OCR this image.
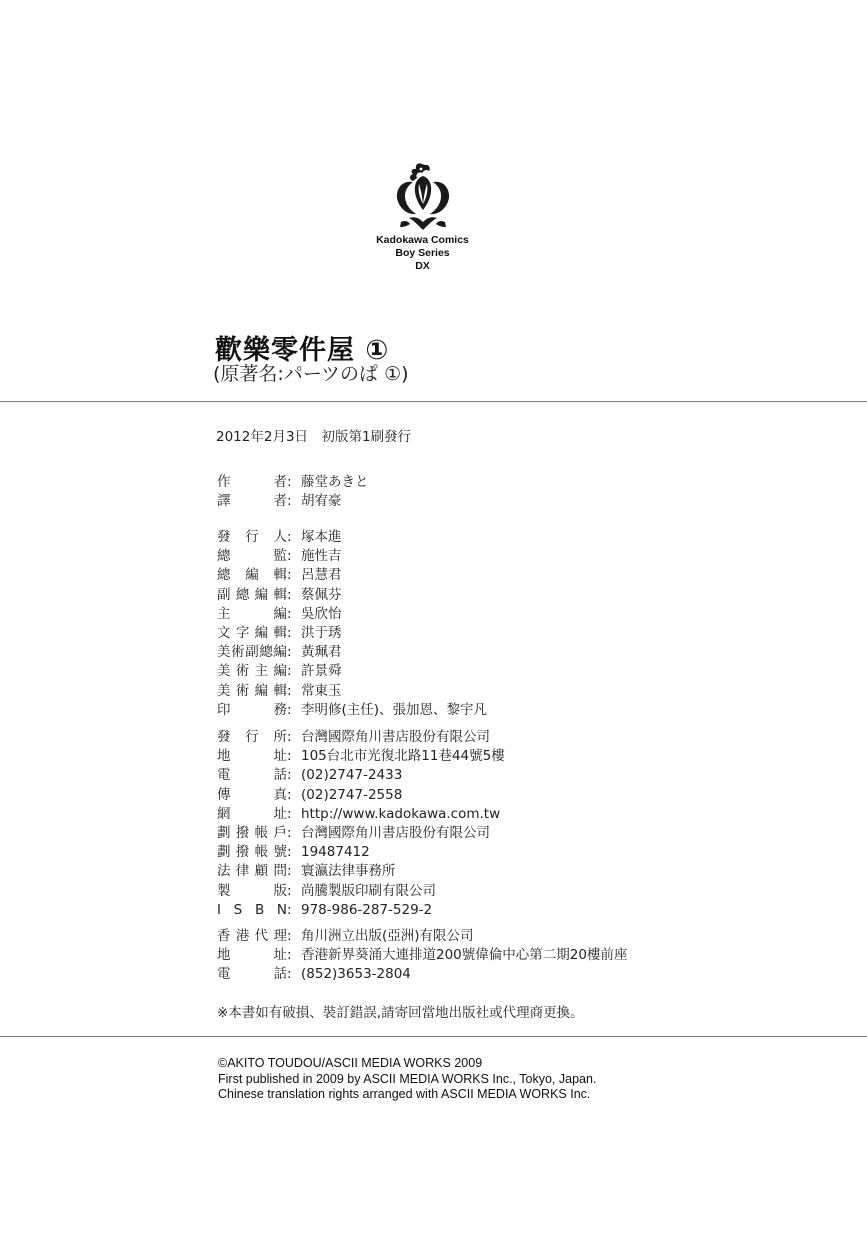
Kadokawa Comics
Boy Series
DX
歡樂零件屋 ①
(原著名:パーツのぱ ①)
2012年2月3日　初版第1刷發行
作	者 : 藤堂あきと
譯	者 : 胡宥豪
發 行 人 : 塚本進
總	監 : 施性吉
總 編 輯 : 呂慧君
副 總 編 輯 : 蔡佩芬
主	編 : 吳欣怡
文 字 編 輯 : 洪于琇
美 術 副 總 編 : 黃珮君
美 術 主 編 : 許景舜
美 術 編 輯 : 常東玉
印	務 : 李明修(主任)、張加恩、黎宇凡
發 行 所 : 台灣國際角川書店股份有限公司
地	址 : 105台北市光復北路11巷44號5樓
電	話 : (02)2747-2433
傳	真 : (02)2747-2558
網	址 : http://www.kadokawa.com.tw
劃 撥 帳 戶 : 台灣國際角川書店股份有限公司
劃 撥 帳 號 : 19487412
法 律 顧 問 : 寰瀛法律事務所
製	版 : 尚騰製版印刷有限公司
I S B N : 978-986-287-529-2
香 港 代 理 : 角川洲立出版(亞洲)有限公司
地	址 : 香港新界葵涌大連排道200號偉倫中心第二期20樓前座
電	話 : (852)3653-2804
※本書如有破損、裝訂錯誤,請寄回當地出版社或代理商更換。
©AKITO TOUDOU/ASCII MEDIA WORKS 2009
First published in 2009 by ASCII MEDIA WORKS Inc., Tokyo, Japan.
Chinese translation rights arranged with ASCII MEDIA WORKS Inc.
